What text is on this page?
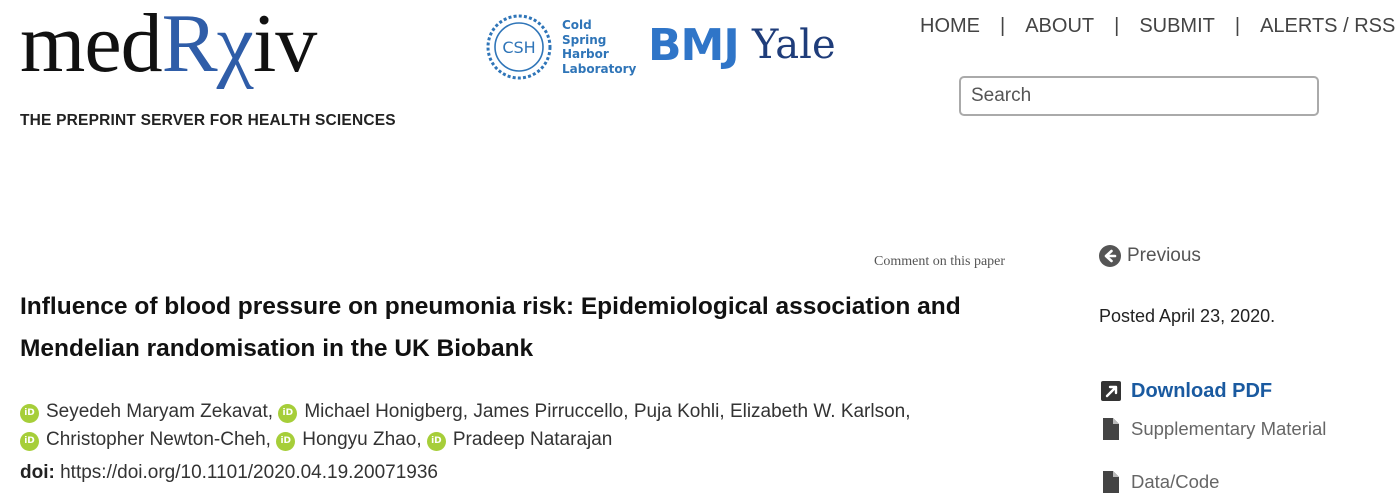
medRχiv
THE PREPRINT SERVER FOR HEALTH SCIENCES
CSH
Cold
Spring
Harbor
Laboratory BMJ Yale	HOME | ABOUT | SUBMIT | ALERTS / RSS
Search
Comment on this paper
Influence of blood pressure on pneumonia risk: Epidemiological association and Mendelian randomisation in the UK Biobank
iD Seyedeh Maryam Zekavat, iD Michael Honigberg, James Pirruccello, Puja Kohli, Elizabeth W. Karlson,
iD Christopher Newton-Cheh, iD Hongyu Zhao, iD Pradeep Natarajan
doi: https://doi.org/10.1101/2020.04.19.20071936
Previous
Posted April 23, 2020.
Download PDF
Supplementary Material
Data/Code
